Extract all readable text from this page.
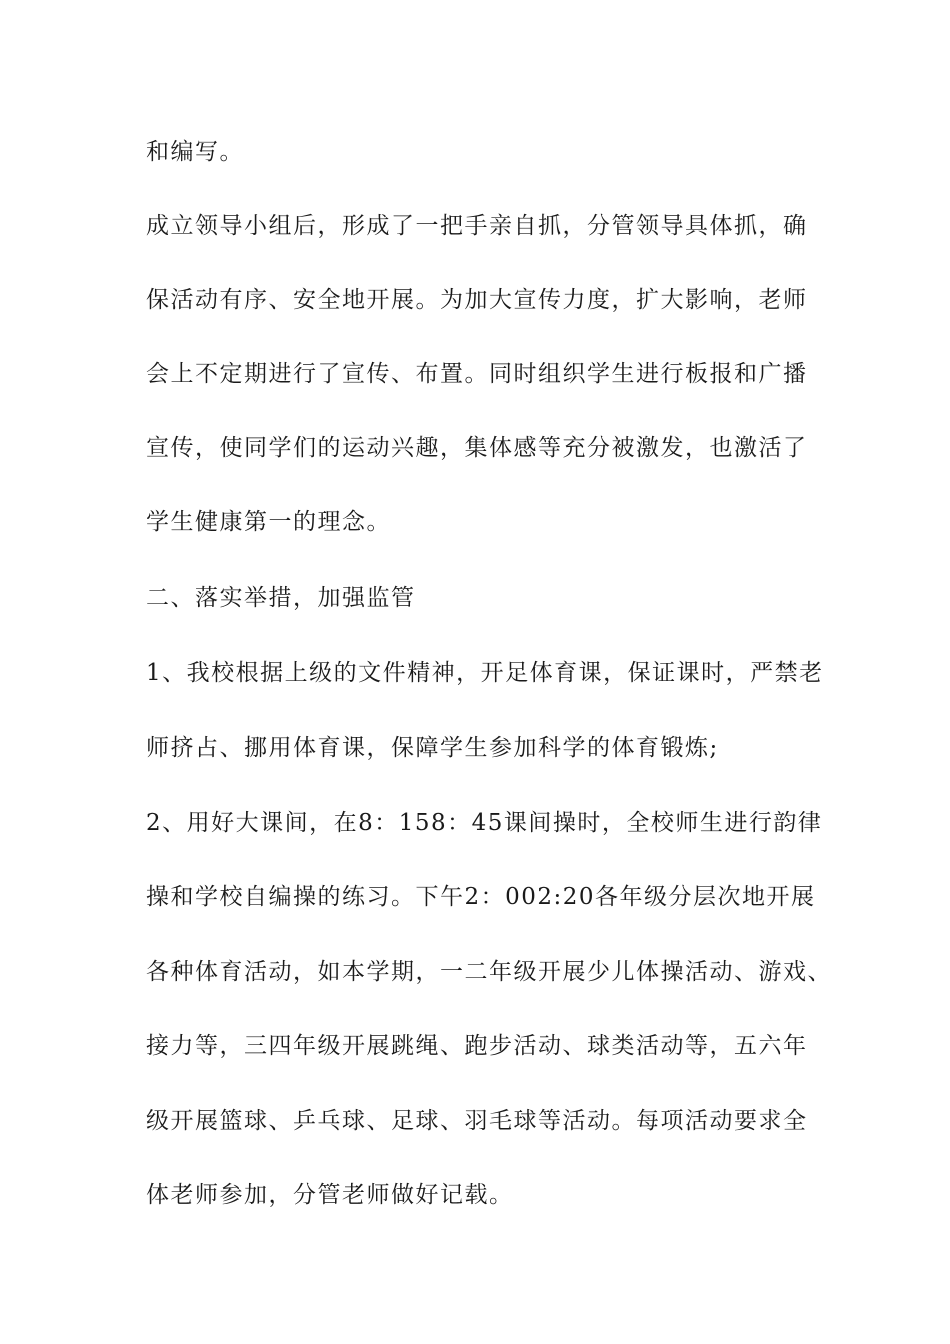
和编写。
成立领导小组后，形成了一把手亲自抓，分管领导具体抓，确
保活动有序、安全地开展。为加大宣传力度，扩大影响，老师
会上不定期进行了宣传、布置。同时组织学生进行板报和广播
宣传，使同学们的运动兴趣，集体感等充分被激发，也激活了
学生健康第一的理念。
二、落实举措，加强监管
1、我校根据上级的文件精神，开足体育课，保证课时，严禁老
师挤占、挪用体育课，保障学生参加科学的体育锻炼;
2、用好大课间，在8：158：45课间操时，全校师生进行韵律
操和学校自编操的练习。下午2：002:20各年级分层次地开展
各种体育活动，如本学期，一二年级开展少儿体操活动、游戏、
接力等，三四年级开展跳绳、跑步活动、球类活动等，五六年
级开展篮球、乒乓球、足球、羽毛球等活动。每项活动要求全
体老师参加，分管老师做好记载。
